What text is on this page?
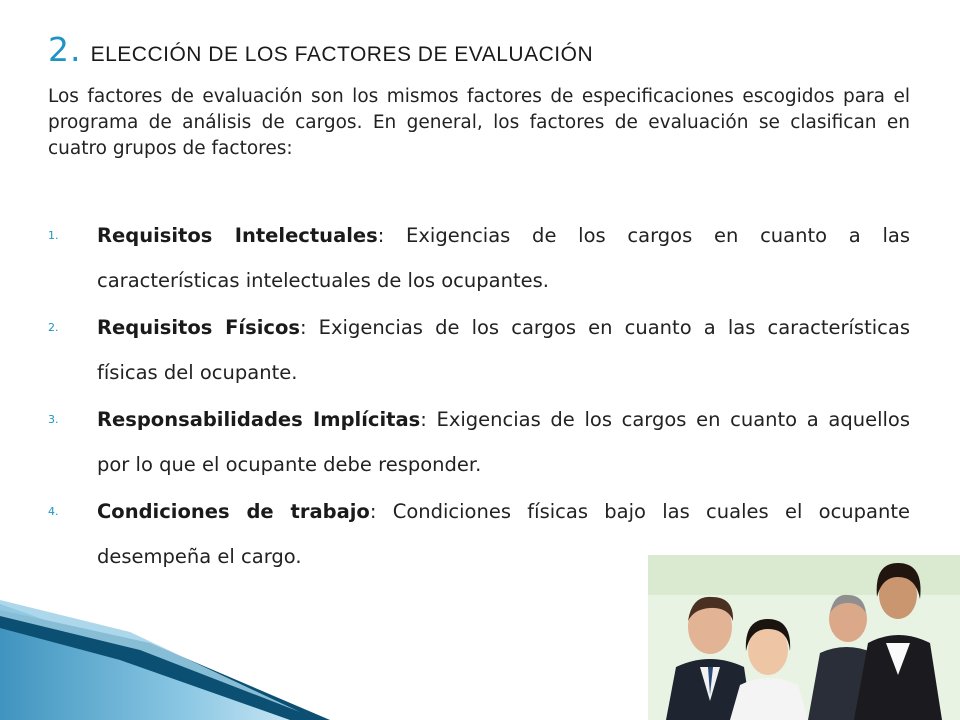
2. ELECCIÓN DE LOS FACTORES DE EVALUACIÓN

Los factores de evaluación son los mismos factores de especificaciones escogidos para el programa de análisis de cargos. En general, los factores de evaluación se clasifican en cuatro grupos de factores:

1. Requisitos Intelectuales: Exigencias de los cargos en cuanto a las características intelectuales de los ocupantes.
2. Requisitos Físicos: Exigencias de los cargos en cuanto a las características físicas del ocupante.
3. Responsabilidades Implícitas: Exigencias de los cargos en cuanto a aquellos por lo que el ocupante debe responder.
4. Condiciones de trabajo: Condiciones físicas bajo las cuales el ocupante desempeña el cargo.
